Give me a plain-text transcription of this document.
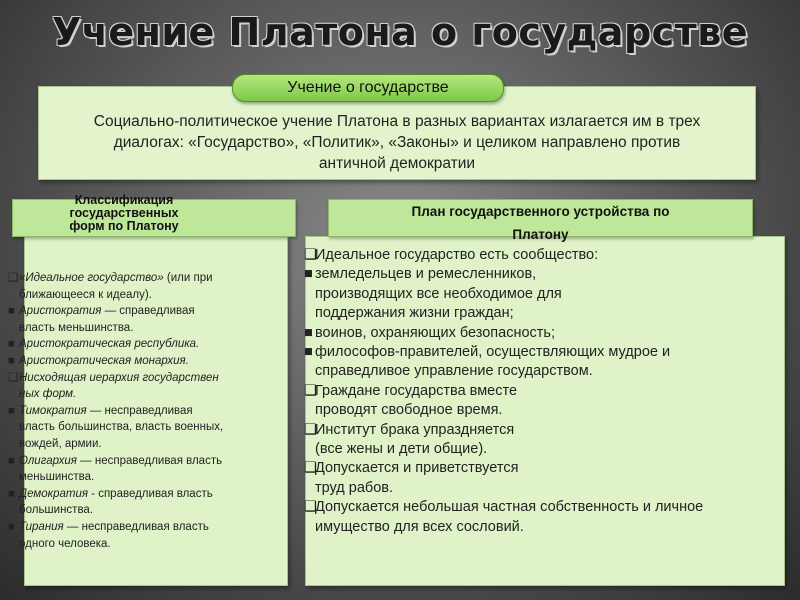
Учение Платона о государстве
Социально-политическое учение Платона в разных вариантах излагается им в трех
диалогах: «Государство», «Политик», «Законы» и целиком направлено против
античной демократии
Учение о государстве
Классификация
государственных
форм по Платону
План государственного устройства по
Платону
❑ «Идеальное государство» (или при
ближающееся к идеалу).
■ Аристократия — справедливая
власть меньшинства.
■ Аристократическая республика.
■ Аристократическая монархия.
❑ Нисходящая иерархия государствен
ных форм.
■ Тимократия — несправедливая
власть большинства, власть военных,
вождей, армии.
■ Олигархия — несправедливая власть
меньшинства.
■ Демократия - справедливая власть
большинства.
■ Тирания — несправедливая власть
одного человека.
❑
Идеальное государство есть сообщество:
■ земледельцев и ремесленников,
производящих все необходимое для
поддержания жизни граждан;
■ воинов, охраняющих безопасность;
■ философов-правителей, осуществляющих мудрое и
справедливое управление государством.
❑
Граждане государства вместе
проводят свободное время.
❑
Институт брака упраздняется
(все жены и дети общие).
❑
Допускается и приветствуется
труд рабов.
❑
Допускается небольшая частная собственность и личное
имущество для всех сословий.
